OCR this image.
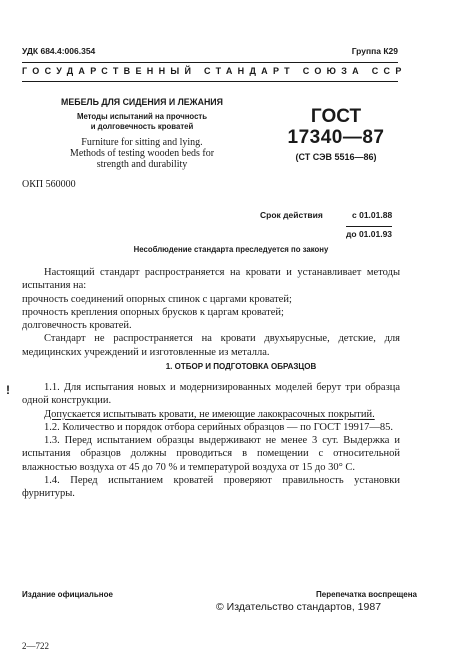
УДК 684.4:006.354	Группа К29
ГОСУДАРСТВЕННЫЙ СТАНДАРТ СОЮЗА ССР
МЕБЕЛЬ ДЛЯ СИДЕНИЯ И ЛЕЖАНИЯ
Методы испытаний на прочность
и долговечность кроватей
Furniture for sitting and lying.
Methods of testing wooden beds for
strength and durability
ГОСТ
17340—87
(СТ СЭВ 5516—86)
ОКП 560000
Срок действия	с 01.01.88
до 01.01.93
Несоблюдение стандарта преследуется по закону

Настоящий стандарт распространяется на кровати и устанавливает методы испытания на:

прочность соединений опорных спинок с царгами кроватей;

прочность крепления опорных брусков к царгам кроватей;

долговечность кроватей.

Стандарт не распространяется на кровати двухъярусные, детские, для медицинских учреждений и изготовленные из металла.

1. ОТБОР И ПОДГОТОВКА ОБРАЗЦОВ
!	1.1. Для испытания новых и модернизированных моделей берут три образца одной конструкции.

Допускается испытывать кровати, не имеющие лакокрасочных покрытий.

1.2. Количество и порядок отбора серийных образцов — по ГОСТ 19917—85.

1.3. Перед испытанием образцы выдерживают не менее 3 сут. Выдержка и испытания образцов должны проводиться в помещении с относительной влажностью воздуха от 45 до 70 % и температурой воздуха от 15 до 30° С.

1.4. Перед испытанием кроватей проверяют правильность установки фурнитуры.

Издание официальное	Перепечатка воспрещена
© Издательство стандартов, 1987
2—722
